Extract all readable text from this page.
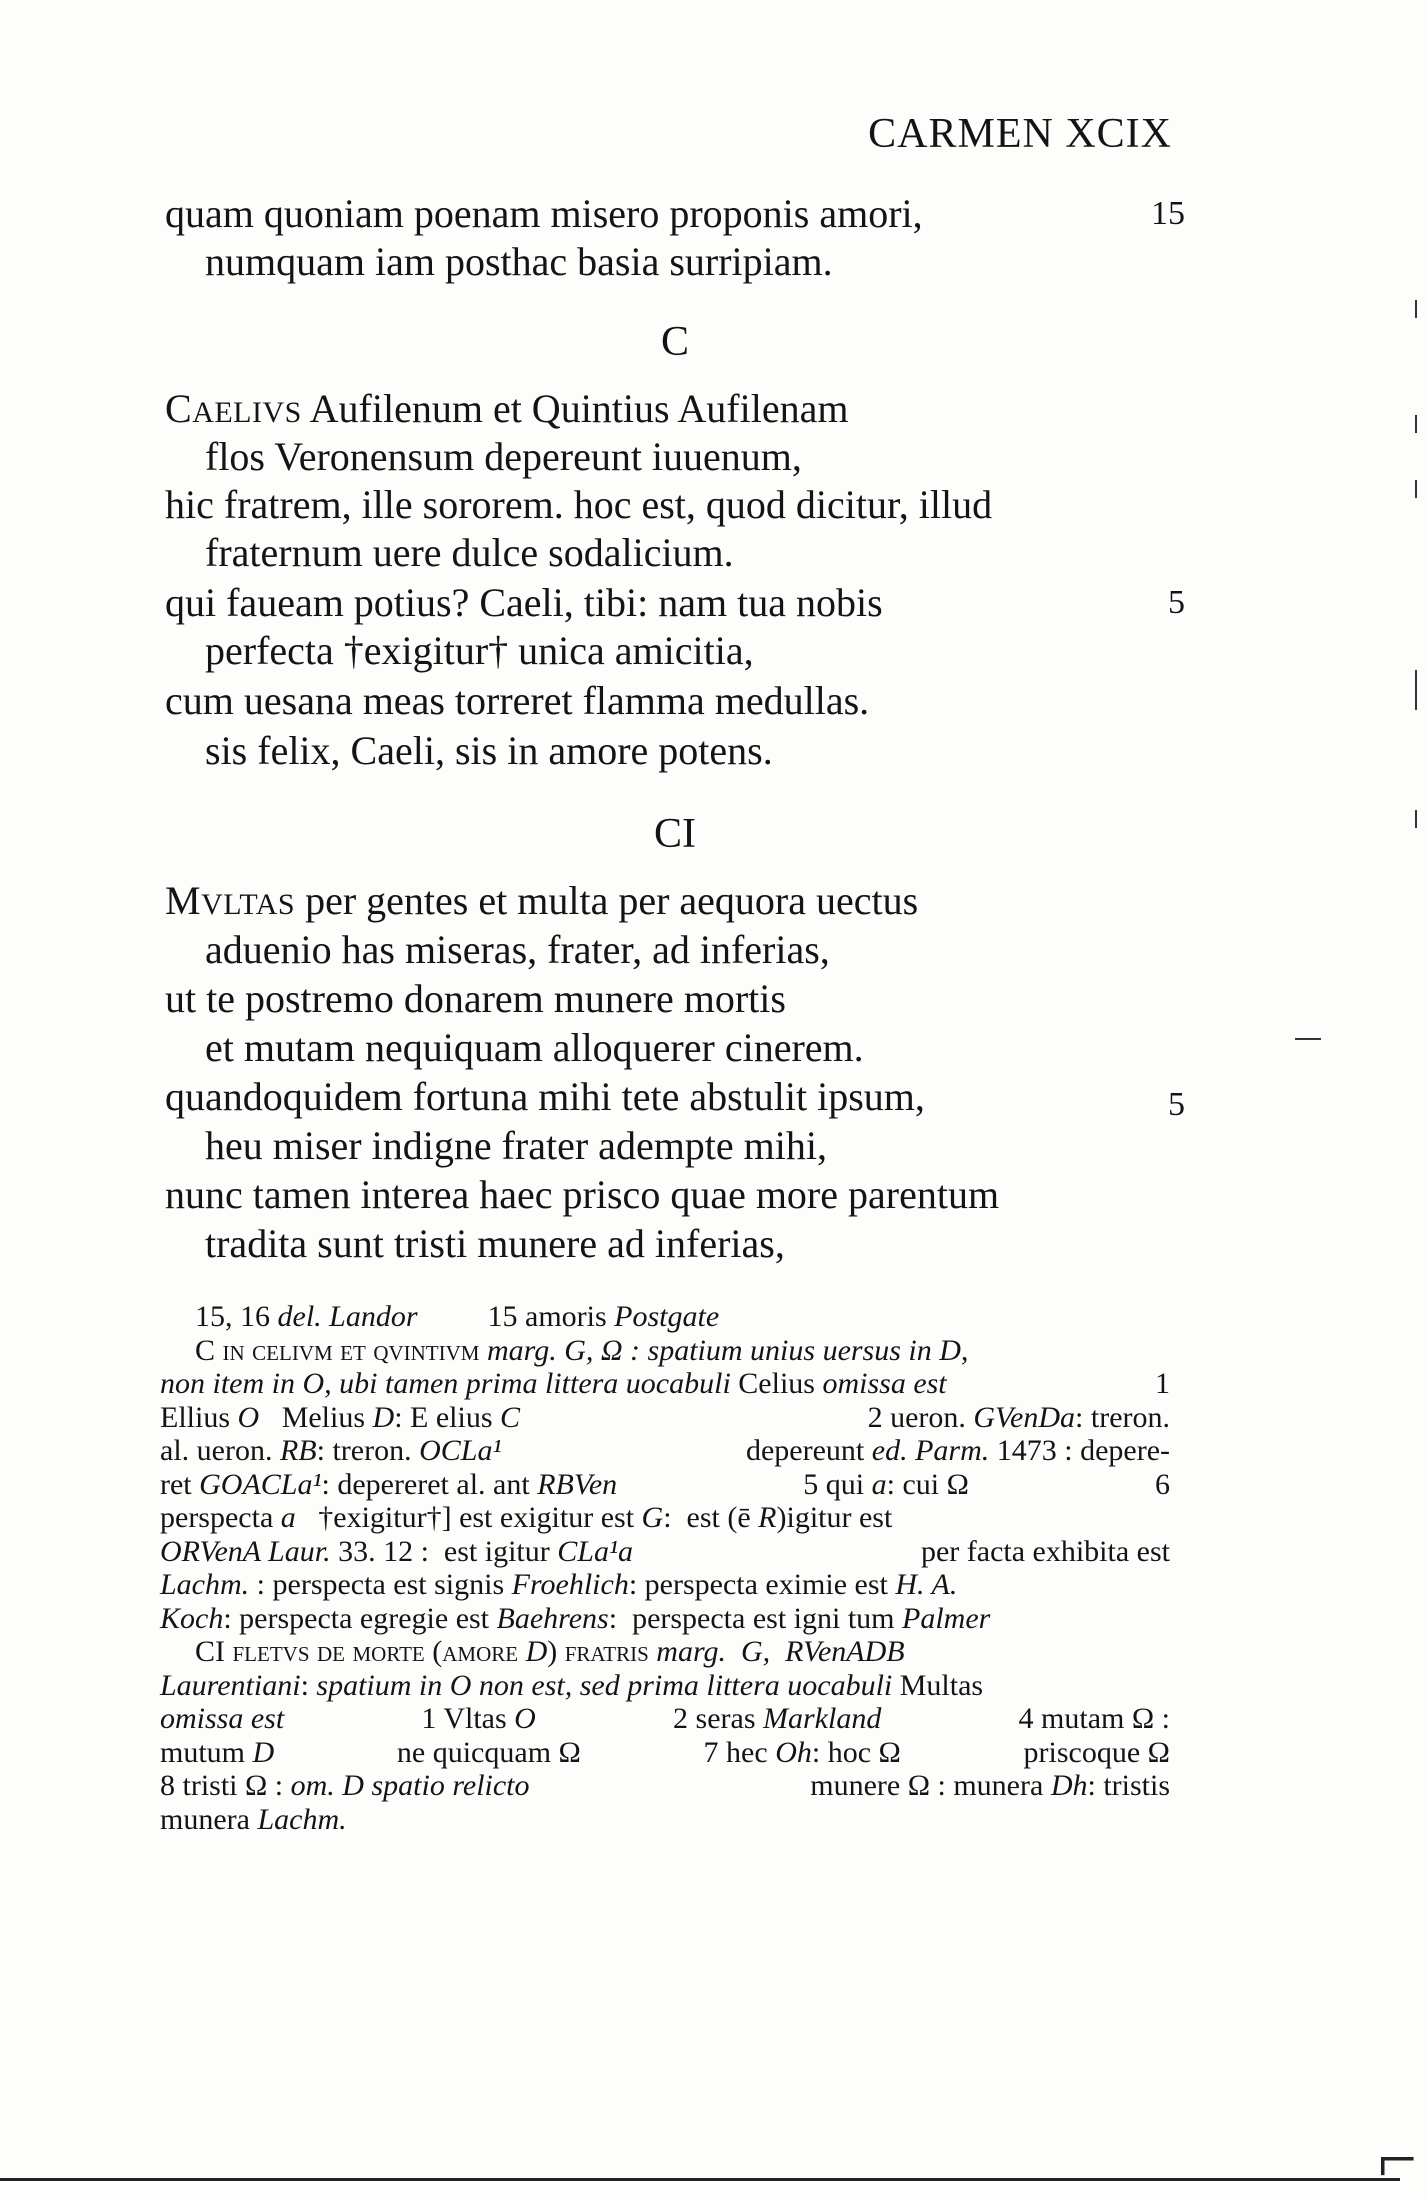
CARMEN XCIX
quam quoniam poenam misero proponis amori,	15
numquam iam posthac basia surripiam.
C
CAELIVS Aufilenum et Quintius Aufilenam
flos Veronensum depereunt iuuenum,
hic fratrem, ille sororem. hoc est, quod dicitur, illud
fraternum uere dulce sodalicium.
qui faueam potius? Caeli, tibi: nam tua nobis	5
perfecta †exigitur† unica amicitia,
cum uesana meas torreret flamma medullas.
sis felix, Caeli, sis in amore potens.
CI
MVLTAS per gentes et multa per aequora uectus
aduenio has miseras, frater, ad inferias,
ut te postremo donarem munere mortis
et mutam nequiquam alloquerer cinerem.
quandoquidem fortuna mihi tete abstulit ipsum,	5
heu miser indigne frater adempte mihi,
nunc tamen interea haec prisco quae more parentum
tradita sunt tristi munere ad inferias,
15, 16 del. Landor 15 amoris Postgate
C in celivm et qvintivm marg. G, Ω : spatium unius uersus in D,
non item in O, ubi tamen prima littera uocabuli Celius omissa est	1
Ellius O   Melius D: E elius C	2 ueron. GVenDa: treron.
al. ueron. RB: treron. OCLa¹	depereunt ed. Parm. 1473 : depere-
ret GOACLa¹: depereret al. ant RBVen	5 qui a: cui Ω	6
perspecta a   †exigitur†] est exigitur est G:  est (ē R)igitur est
ORVenA Laur. 33. 12 :  est igitur CLa¹a	per facta exhibita est
Lachm. : perspecta est signis Froehlich: perspecta eximie est H. A.
Koch: perspecta egregie est Baehrens:  perspecta est igni tum Palmer
CI fletvs de morte (amore D) fratris marg.  G,  RVenADB
Laurentiani: spatium in O non est, sed prima littera uocabuli Multas
omissa est	1 Vltas O	2 seras Markland	4 mutam Ω :
mutum D	ne quicquam Ω	7 hec Oh: hoc Ω	priscoque Ω
8 tristi Ω : om. D spatio relicto	munere Ω : munera Dh: tristis
munera Lachm.
⌐
